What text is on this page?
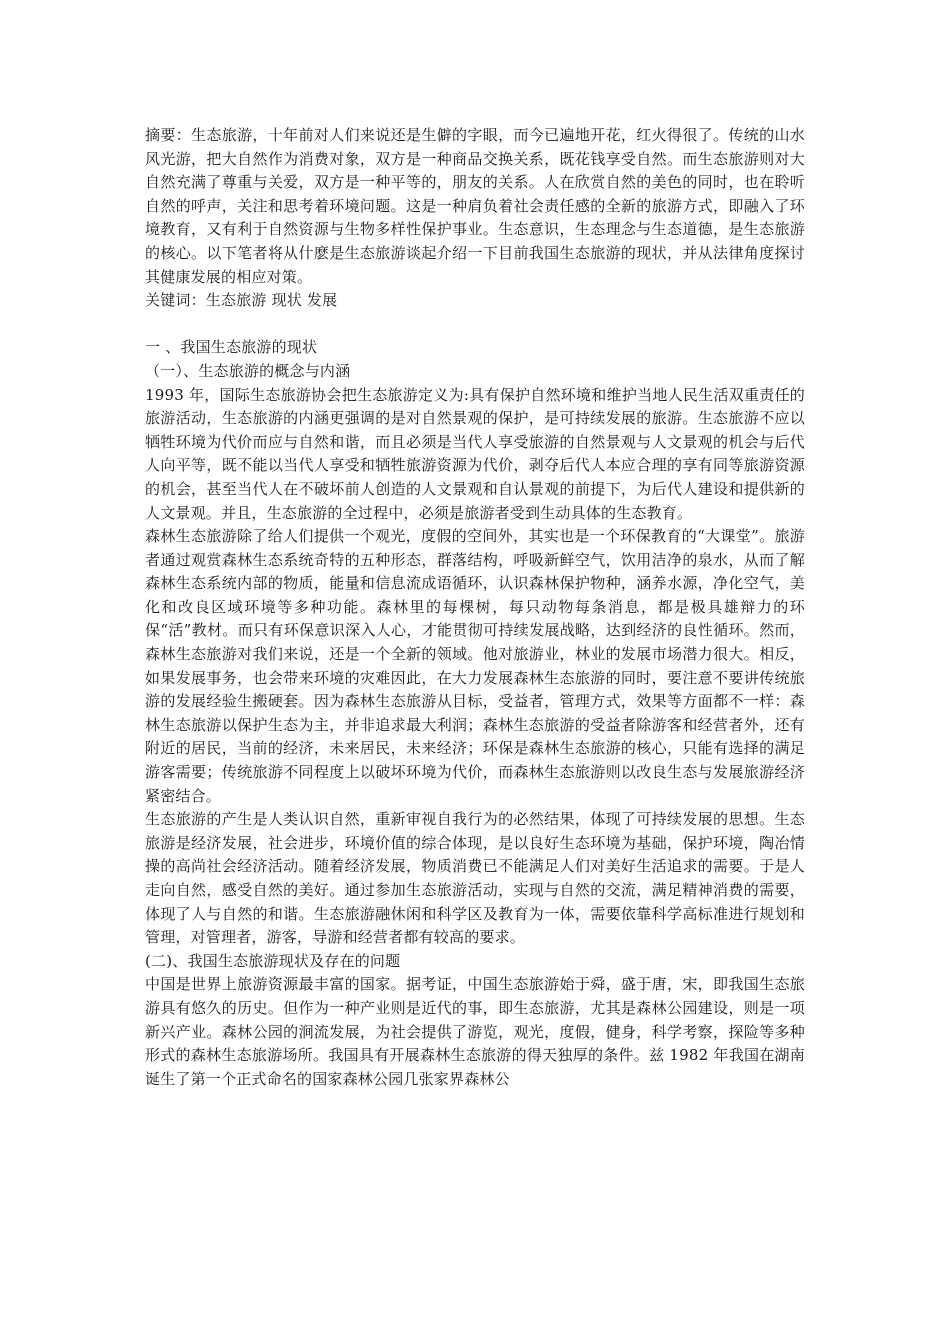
摘要：生态旅游，十年前对人们来说还是生僻的字眼，而今已遍地开花，红火得很了。传统的山水风光游，把大自然作为消费对象，双方是一种商品交换关系，既花钱享受自然。而生态旅游则对大自然充满了尊重与关爱，双方是一种平等的，朋友的关系。人在欣赏自然的美色的同时，也在聆听自然的呼声，关注和思考着环境问题。这是一种肩负着社会责任感的全新的旅游方式，即融入了环境教育，又有利于自然资源与生物多样性保护事业。生态意识，生态理念与生态道德，是生态旅游的核心。以下笔者将从什麽是生态旅游谈起介绍一下目前我国生态旅游的现状，并从法律角度探讨其健康发展的相应对策。

关键词：生态旅游 现状 发展

一 、我国生态旅游的现状

（一）、生态旅游的概念与内涵

1993 年，国际生态旅游协会把生态旅游定义为:具有保护自然环境和维护当地人民生活双重责任的旅游活动，生态旅游的内涵更强调的是对自然景观的保护，是可持续发展的旅游。生态旅游不应以牺牲环境为代价而应与自然和谐，而且必须是当代人享受旅游的自然景观与人文景观的机会与后代人向平等，既不能以当代人享受和牺牲旅游资源为代价，剥夺后代人本应合理的享有同等旅游资源的机会，甚至当代人在不破坏前人创造的人文景观和自认景观的前提下，为后代人建设和提供新的人文景观。并且，生态旅游的全过程中，必须是旅游者受到生动具体的生态教育。

森林生态旅游除了给人们提供一个观光，度假的空间外，其实也是一个环保教育的“大课堂”。旅游者通过观赏森林生态系统奇特的五种形态，群落结构，呼吸新鲜空气，饮用洁净的泉水，从而了解森林生态系统内部的物质，能量和信息流成语循环，认识森林保护物种，涵养水源，净化空气，美化和改良区域环境等多种功能。森林里的每棵树，每只动物每条消息，都是极具雄辩力的环保“活”教材。而只有环保意识深入人心，才能贯彻可持续发展战略，达到经济的良性循环。然而，森林生态旅游对我们来说，还是一个全新的领域。他对旅游业，林业的发展市场潜力很大。相反，如果发展事务，也会带来环境的灾难因此，在大力发展森林生态旅游的同时，要注意不要讲传统旅游的发展经验生搬硬套。因为森林生态旅游从目标，受益者，管理方式，效果等方面都不一样：森林生态旅游以保护生态为主，并非追求最大利润；森林生态旅游的受益者除游客和经营者外，还有附近的居民，当前的经济，未来居民，未来经济；环保是森林生态旅游的核心，只能有选择的满足游客需要；传统旅游不同程度上以破坏环境为代价，而森林生态旅游则以改良生态与发展旅游经济紧密结合。

生态旅游的产生是人类认识自然，重新审视自我行为的必然结果，体现了可持续发展的思想。生态旅游是经济发展，社会进步，环境价值的综合体现，是以良好生态环境为基础，保护环境，陶冶情操的高尚社会经济活动。随着经济发展，物质消费已不能满足人们对美好生活追求的需要。于是人走向自然，感受自然的美好。通过参加生态旅游活动，实现与自然的交流，满足精神消费的需要，体现了人与自然的和谐。生态旅游融休闲和科学区及教育为一体，需要依靠科学高标准进行规划和管理，对管理者，游客，导游和经营者都有较高的要求。

(二)、我国生态旅游现状及存在的问题

中国是世界上旅游资源最丰富的国家。据考证，中国生态旅游始于舜，盛于唐，宋，即我国生态旅游具有悠久的历史。但作为一种产业则是近代的事，即生态旅游，尤其是森林公园建设，则是一项新兴产业。森林公园的涧流发展，为社会提供了游览，观光，度假，健身，科学考察，探险等多种形式的森林生态旅游场所。我国具有开展森林生态旅游的得天独厚的条件。兹 1982 年我国在湖南诞生了第一个正式命名的国家森林公园几张家界森林公
